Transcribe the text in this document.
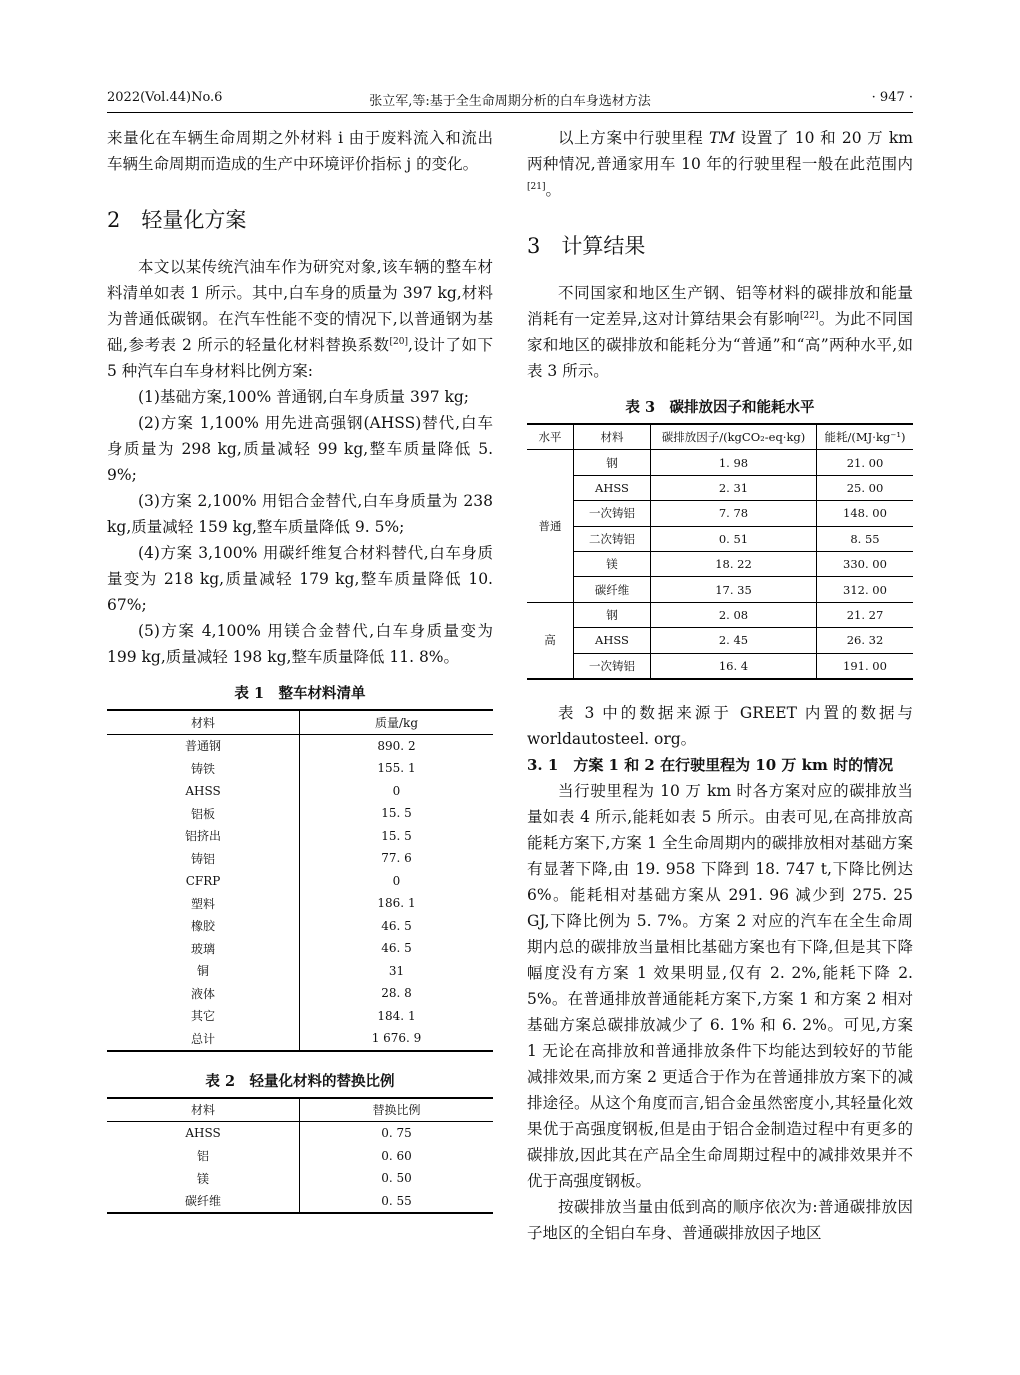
2022(Vol.44)No.6	张立军,等:基于全生命周期分析的白车身选材方法	· 947 ·

来量化在车辆生命周期之外材料 i 由于废料流入和流出车辆生命周期而造成的生产中环境评价指标 j 的变化。

2　轻量化方案

本文以某传统汽油车作为研究对象,该车辆的整车材料清单如表 1 所示。其中,白车身的质量为 397 kg,材料为普通低碳钢。在汽车性能不变的情况下,以普通钢为基础,参考表 2 所示的轻量化材料替换系数[20],设计了如下 5 种汽车白车身材料比例方案:

(1)基础方案,100% 普通钢,白车身质量 397 kg;

(2)方案 1,100% 用先进高强钢(AHSS)替代,白车身质量为 298 kg,质量减轻 99 kg,整车质量降低 5. 9%;

(3)方案 2,100% 用铝合金替代,白车身质量为 238 kg,质量减轻 159 kg,整车质量降低 9. 5%;

(4)方案 3,100% 用碳纤维复合材料替代,白车身质量变为 218 kg,质量减轻 179 kg,整车质量降低 10. 67%;

(5)方案 4,100% 用镁合金替代,白车身质量变为 199 kg,质量减轻 198 kg,整车质量降低 11. 8%。

表 1　整车材料清单
材料	质量/kg
普通钢	890. 2
铸铁	155. 1
AHSS	0
铝板	15. 5
铝挤出	15. 5
铸铝	77. 6
CFRP	0
塑料	186. 1
橡胶	46. 5
玻璃	46. 5
铜	31
液体	28. 8
其它	184. 1
总计	1 676. 9
表 2　轻量化材料的替换比例
材料	替换比例
AHSS	0. 75
铝	0. 60
镁	0. 50
碳纤维	0. 55

以上方案中行驶里程 TM 设置了 10 和 20 万 km 两种情况,普通家用车 10 年的行驶里程一般在此范围内[21]。

3　计算结果

不同国家和地区生产钢、铝等材料的碳排放和能量消耗有一定差异,这对计算结果会有影响[22]。为此不同国家和地区的碳排放和能耗分为“普通”和“高”两种水平,如表 3 所示。

表 3　碳排放因子和能耗水平
水平	材料	碳排放因子/(kgCO₂-eq·kg)	能耗/(MJ·kg⁻¹)
普通	钢	1. 98	21. 00
	AHSS	2. 31	25. 00
	一次铸铝	7. 78	148. 00
	二次铸铝	0. 51	8. 55
	镁	18. 22	330. 00
	碳纤维	17. 35	312. 00
高	钢	2. 08	21. 27
	AHSS	2. 45	26. 32
	一次铸铝	16. 4	191. 00

表 3 中的数据来源于 GREET 内置的数据与 worldautosteel. org。

3. 1　方案 1 和 2 在行驶里程为 10 万 km 时的情况

当行驶里程为 10 万 km 时各方案对应的碳排放当量如表 4 所示,能耗如表 5 所示。由表可见,在高排放高能耗方案下,方案 1 全生命周期内的碳排放相对基础方案有显著下降,由 19. 958 下降到 18. 747 t,下降比例达 6%。能耗相对基础方案从 291. 96 减少到 275. 25 GJ,下降比例为 5. 7%。方案 2 对应的汽车在全生命周期内总的碳排放当量相比基础方案也有下降,但是其下降幅度没有方案 1 效果明显,仅有 2. 2%,能耗下降 2. 5%。在普通排放普通能耗方案下,方案 1 和方案 2 相对基础方案总碳排放减少了 6. 1% 和 6. 2%。可见,方案 1 无论在高排放和普通排放条件下均能达到较好的节能减排效果,而方案 2 更适合于作为在普通排放方案下的减排途径。从这个角度而言,铝合金虽然密度小,其轻量化效果优于高强度钢板,但是由于铝合金制造过程中有更多的碳排放,因此其在产品全生命周期过程中的减排效果并不优于高强度钢板。

按碳排放当量由低到高的顺序依次为:普通碳排放因子地区的全铝白车身、普通碳排放因子地区
